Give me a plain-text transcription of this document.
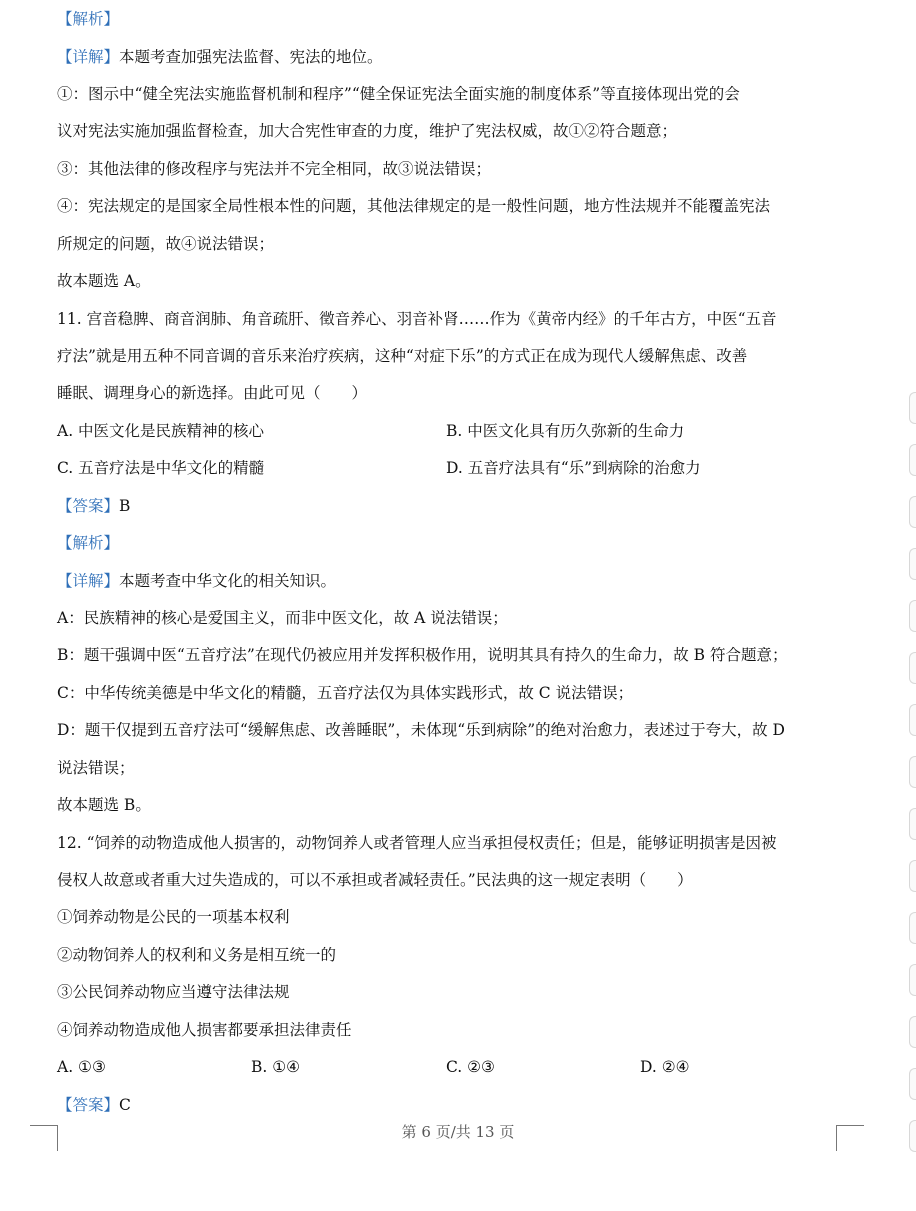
【解析】
【详解】本题考查加强宪法监督、宪法的地位。
①：图示中“健全宪法实施监督机制和程序”“健全保证宪法全面实施的制度体系”等直接体现出党的会
议对宪法实施加强监督检查，加大合宪性审查的力度，维护了宪法权威，故①②符合题意；
③：其他法律的修改程序与宪法并不完全相同，故③说法错误；
④：宪法规定的是国家全局性根本性的问题，其他法律规定的是一般性问题，地方性法规并不能覆盖宪法
所规定的问题，故④说法错误；
故本题选 A。
11. 宫音稳脾、商音润肺、角音疏肝、徵音养心、羽音补肾……作为《黄帝内经》的千年古方，中医“五音
疗法”就是用五种不同音调的音乐来治疗疾病，这种“对症下乐”的方式正在成为现代人缓解焦虑、改善
睡眠、调理身心的新选择。由此可见（　　）
A. 中医文化是民族精神的核心	B. 中医文化具有历久弥新的生命力
C. 五音疗法是中华文化的精髓	D. 五音疗法具有“乐”到病除的治愈力
【答案】B
【解析】
【详解】本题考查中华文化的相关知识。
A：民族精神的核心是爱国主义，而非中医文化，故 A 说法错误；
B：题干强调中医“五音疗法”在现代仍被应用并发挥积极作用，说明其具有持久的生命力，故 B 符合题意；
C：中华传统美德是中华文化的精髓，五音疗法仅为具体实践形式，故 C 说法错误；
D：题干仅提到五音疗法可“缓解焦虑、改善睡眠”，未体现“乐到病除”的绝对治愈力，表述过于夸大，故 D
说法错误；
故本题选 B。
12. “饲养的动物造成他人损害的，动物饲养人或者管理人应当承担侵权责任；但是，能够证明损害是因被
侵权人故意或者重大过失造成的，可以不承担或者减轻责任。”民法典的这一规定表明（　　）
①饲养动物是公民的一项基本权利
②动物饲养人的权利和义务是相互统一的
③公民饲养动物应当遵守法律法规
④饲养动物造成他人损害都要承担法律责任
A. ①③	B. ①④	C. ②③	D. ②④
【答案】C
第 6 页/共 13 页
